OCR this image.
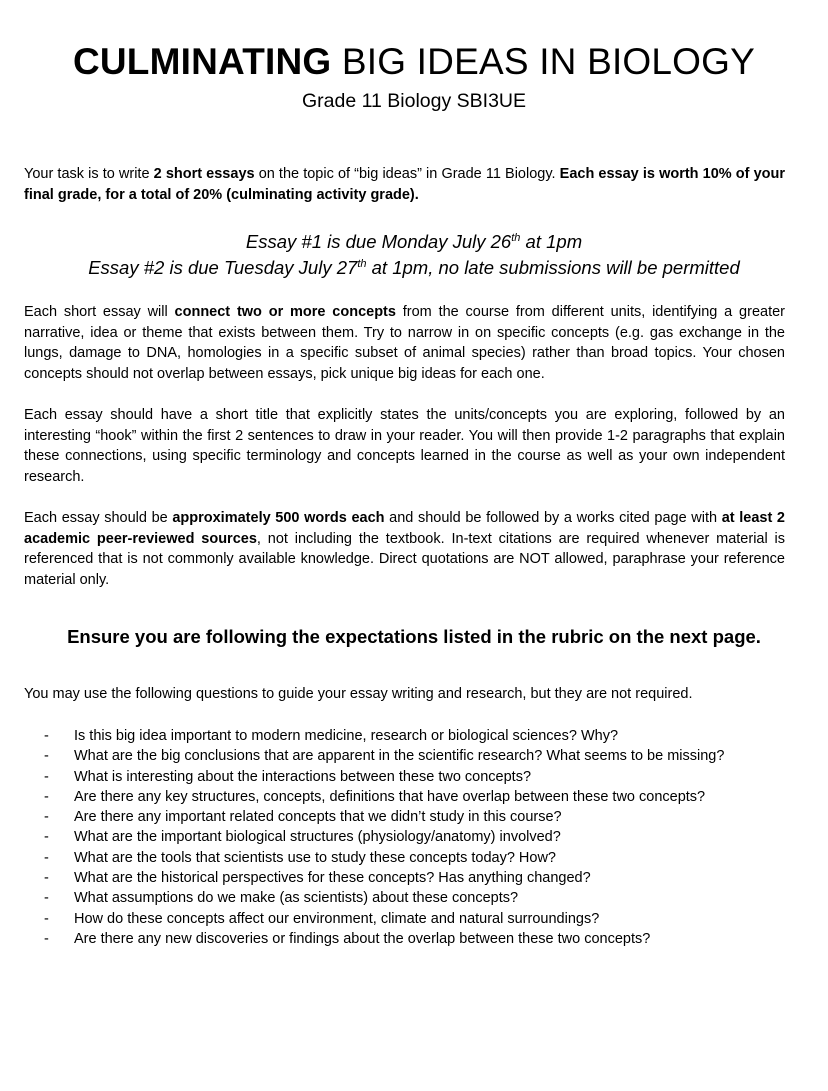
CULMINATING BIG IDEAS IN BIOLOGY
Grade 11 Biology SBI3UE

Your task is to write 2 short essays on the topic of “big ideas” in Grade 11 Biology. Each essay is worth 10% of your final grade, for a total of 20% (culminating activity grade).

Essay #1 is due Monday July 26th at 1pm
Essay #2 is due Tuesday July 27th at 1pm, no late submissions will be permitted

Each short essay will connect two or more concepts from the course from different units, identifying a greater narrative, idea or theme that exists between them. Try to narrow in on specific concepts (e.g. gas exchange in the lungs, damage to DNA, homologies in a specific subset of animal species) rather than broad topics. Your chosen concepts should not overlap between essays, pick unique big ideas for each one.

Each essay should have a short title that explicitly states the units/concepts you are exploring, followed by an interesting “hook” within the first 2 sentences to draw in your reader. You will then provide 1-2 paragraphs that explain these connections, using specific terminology and concepts learned in the course as well as your own independent research.

Each essay should be approximately 500 words each and should be followed by a works cited page with at least 2 academic peer-reviewed sources, not including the textbook. In-text citations are required whenever material is referenced that is not commonly available knowledge. Direct quotations are NOT allowed, paraphrase your reference material only.

Ensure you are following the expectations listed in the rubric on the next page.

You may use the following questions to guide your essay writing and research, but they are not required.

- Is this big idea important to modern medicine, research or biological sciences? Why?
- What are the big conclusions that are apparent in the scientific research? What seems to be missing?
- What is interesting about the interactions between these two concepts?
- Are there any key structures, concepts, definitions that have overlap between these two concepts?
- Are there any important related concepts that we didn’t study in this course?
- What are the important biological structures (physiology/anatomy) involved?
- What are the tools that scientists use to study these concepts today? How?
- What are the historical perspectives for these concepts? Has anything changed?
- What assumptions do we make (as scientists) about these concepts?
- How do these concepts affect our environment, climate and natural surroundings?
- Are there any new discoveries or findings about the overlap between these two concepts?
